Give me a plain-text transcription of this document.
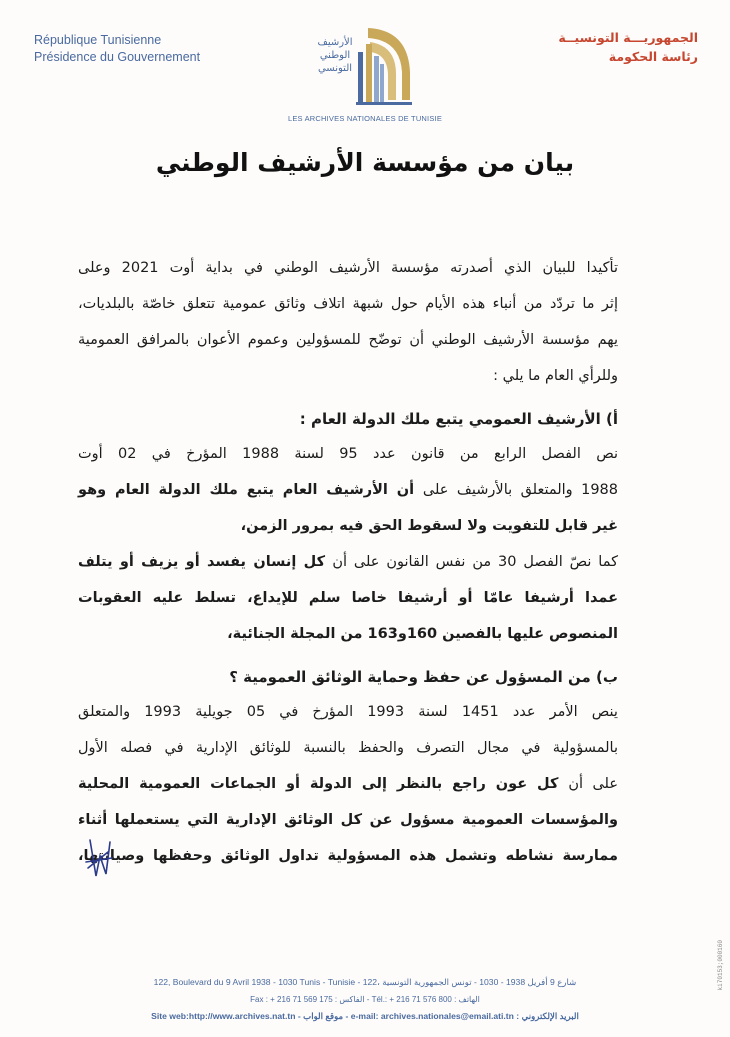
République Tunisienne
Présidence du Gouvernement
الجمهوريـــة التونسيــة
رئاسة الحكومة
الأرشيف
الوطني
التونسي
LES ARCHIVES NATIONALES DE TUNISIE
بيان من مؤسسة الأرشيف الوطني
تأكيدا للبيان الذي أصدرته مؤسسة الأرشيف الوطني في بداية أوت 2021 وعلى
إثر ما تردّد من أنباء هذه الأيام حول شبهة اتلاف وثائق عمومية تتعلق خاصّة بالبلديات،
يهم مؤسسة الأرشيف الوطني أن توضّح للمسؤولين وعموم الأعوان بالمرافق العمومية
وللرأي العام ما يلي :
أ) الأرشيف العمومي يتبع ملك الدولة العام :
نص الفصل الرابع من قانون عدد 95 لسنة 1988 المؤرخ في 02 أوت
1988 والمتعلق بالأرشيف على أن الأرشيف العام يتبع ملك الدولة العام وهو
غير قابل للتفويت ولا لسقوط الحق فيه بمرور الزمن،
كما نصّ الفصل 30 من نفس القانون على أن كل إنسان يفسد أو يزيف أو يتلف
عمدا أرشيفا عامّا أو أرشيفا خاصا سلم للإيداع، تسلط عليه العقوبات
المنصوص عليها بالفصين 160و163 من المجلة الجنائية،
ب) من المسؤول عن حفظ وحماية الوثائق العمومية ؟
ينص الأمر عدد 1451 لسنة 1993 المؤرخ في 05 جويلية 1993 والمتعلق
بالمسؤولية في مجال التصرف والحفظ بالنسبة للوثائق الإدارية في فصله الأول
على أن كل عون راجع بالنظر إلى الدولة أو الجماعات العمومية المحلية
والمؤسسات العمومية مسؤول عن كل الوثائق الإدارية التي يستعملها أثناء
ممارسة نشاطه وتشمل هذه المسؤولية تداول الوثائق وحفظها وصيانتها،
122, Boulevard du 9 Avril 1938 - 1030 Tunis - Tunisie - 122، شارع 9 أفريل 1938 - 1030 - تونس الجمهورية التونسية
Fax : + 216 71 569 175 : الفاكس - Tél.: + 216 71 576 800 : الهاتف
Site web:http://www.archives.nat.tn - موقع الواب - e-mail: archives.nationales@email.ati.tn : البريد الإلكتروني
ki70153;000160
